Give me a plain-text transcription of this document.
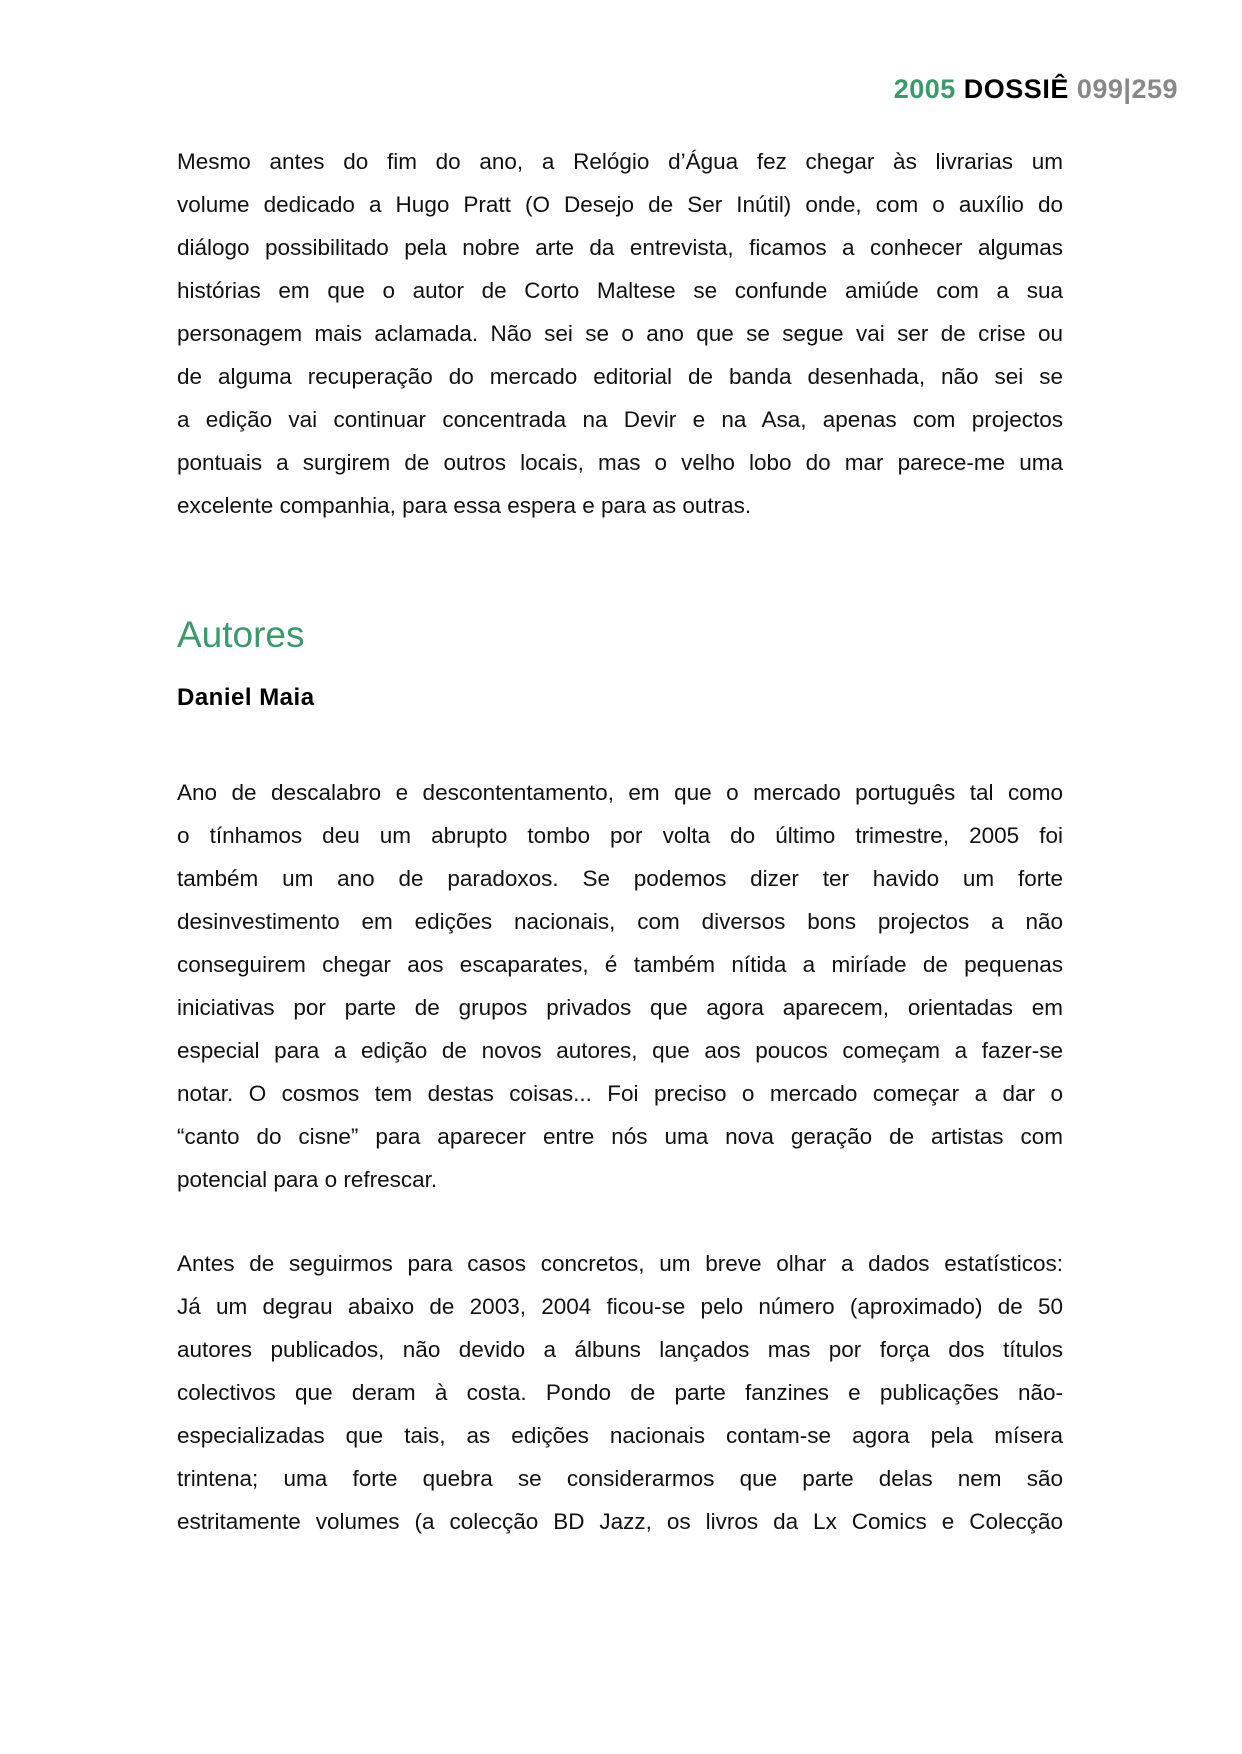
2005 DOSSIÊ 099|259
Mesmo antes do fim do ano, a Relógio d’Água fez chegar às livrarias um
volume dedicado a Hugo Pratt (O Desejo de Ser Inútil) onde, com o auxílio do
diálogo possibilitado pela nobre arte da entrevista, ficamos a conhecer algumas
histórias em que o autor de Corto Maltese se confunde amiúde com a sua
personagem mais aclamada. Não sei se o ano que se segue vai ser de crise ou
de alguma recuperação do mercado editorial de banda desenhada, não sei se
a edição vai continuar concentrada na Devir e na Asa, apenas com projectos
pontuais a surgirem de outros locais, mas o velho lobo do mar parece-me uma
excelente companhia, para essa espera e para as outras.
Autores
Daniel Maia
Ano de descalabro e descontentamento, em que o mercado português tal como
o tínhamos deu um abrupto tombo por volta do último trimestre, 2005 foi
também um ano de paradoxos. Se podemos dizer ter havido um forte
desinvestimento em edições nacionais, com diversos bons projectos a não
conseguirem chegar aos escaparates, é também nítida a miríade de pequenas
iniciativas por parte de grupos privados que agora aparecem, orientadas em
especial para a edição de novos autores, que aos poucos começam a fazer-se
notar. O cosmos tem destas coisas... Foi preciso o mercado começar a dar o
“canto do cisne” para aparecer entre nós uma nova geração de artistas com
potencial para o refrescar.
Antes de seguirmos para casos concretos, um breve olhar a dados estatísticos:
Já um degrau abaixo de 2003, 2004 ficou-se pelo número (aproximado) de 50
autores publicados, não devido a álbuns lançados mas por força dos títulos
colectivos que deram à costa. Pondo de parte fanzines e publicações não-
especializadas que tais, as edições nacionais contam-se agora pela mísera
trintena; uma forte quebra se considerarmos que parte delas nem são
estritamente volumes (a colecção BD Jazz, os livros da Lx Comics e Colecção
